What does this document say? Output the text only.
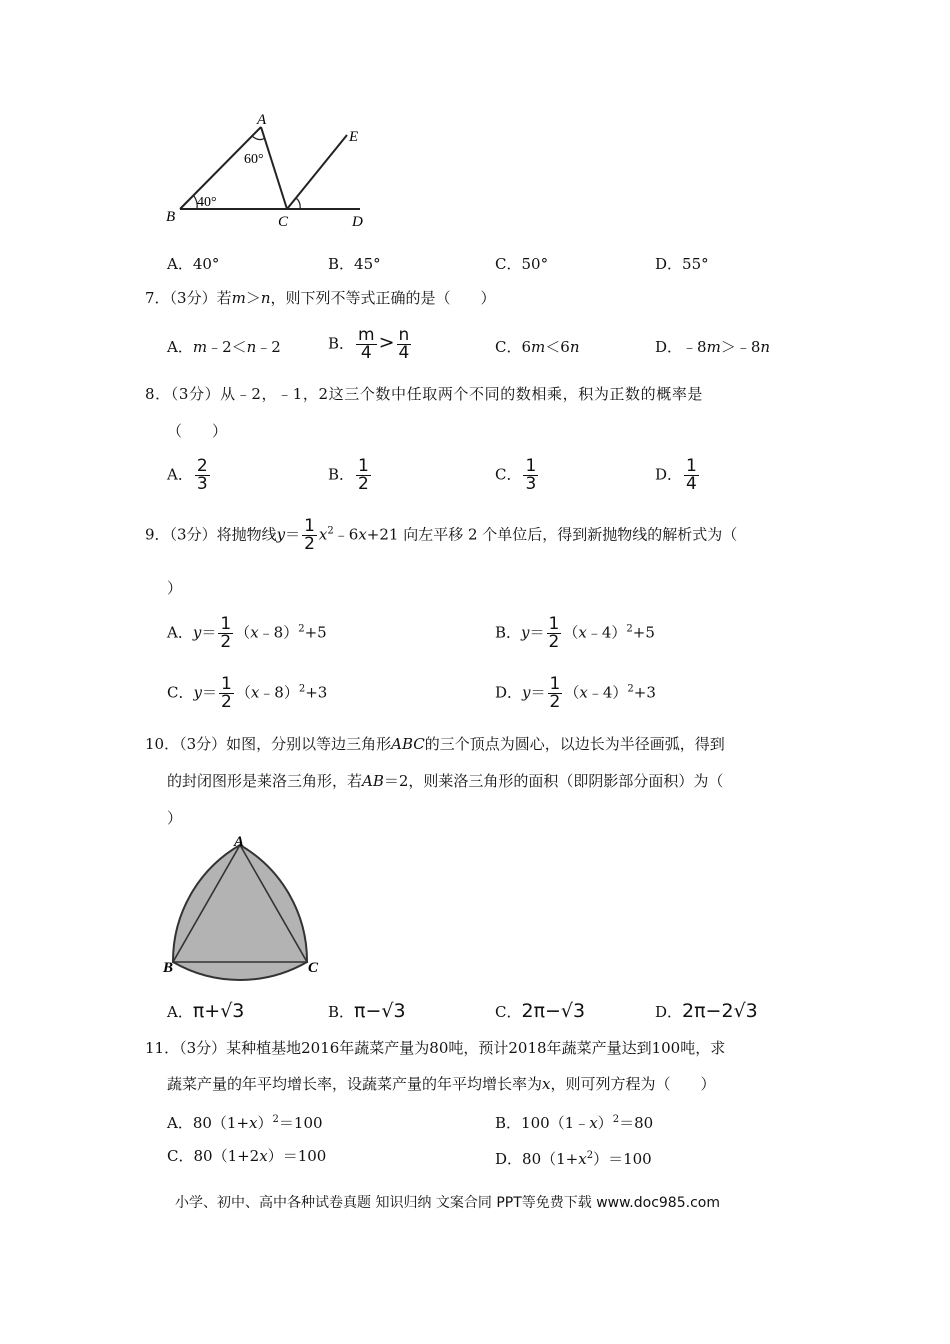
A
B	C	D
E
60°
40°
A．40°	B．45°	C．50°	D．55°
7．（3分）若m＞n，则下列不等式正确的是（　　）
A．m﹣2＜n﹣2	B． $\frac{m}{4} > \frac{n}{4}$	C．6m＜6n	D．﹣8m＞﹣8n
8．（3分）从﹣2，﹣1，2这三个数中任取两个不同的数相乘，积为正数的概率是
（　　）
A． $\frac{2}{3}$	B． $\frac{1}{2}$	C． $\frac{1}{3}$	D． $\frac{1}{4}$
9．（3分）将抛物线$y= \frac{1}{2}$ $x^2﹣6x+21$ 向左平移 2 个单位后，得到新抛物线的解析式为（
）
A．$y= \frac{1}{2}$ （x﹣8）$^2$+5	B．$y= \frac{1}{2}$ （x﹣4）$^2$+5
C．$y= \frac{1}{2}$ （x﹣8）$^2$+3	D．$y= \frac{1}{2}$ （x﹣4）$^2$+3
10．（3分）如图，分别以等边三角形ABC的三个顶点为圆心，以边长为半径画弧，得到
的封闭图形是莱洛三角形，若AB＝2，则莱洛三角形的面积（即阴影部分面积）为（
）
A
B	C
A．π+√3	B．π−√3	C．2π−√3	D．2π−2√3
11．（3分）某种植基地2016年蔬菜产量为80吨，预计2018年蔬菜产量达到100吨，求
蔬菜产量的年平均增长率，设蔬菜产量的年平均增长率为x，则可列方程为（　　）
A．$80(1+x)^2=100$	B．100（1﹣x）$^2$＝80
C．80（1+2x）＝100	D．$80(1+x^2)=100$
小学、初中、高中各种试卷真题 知识归纳 文案合同 PPT等免费下载 www.doc985.com
